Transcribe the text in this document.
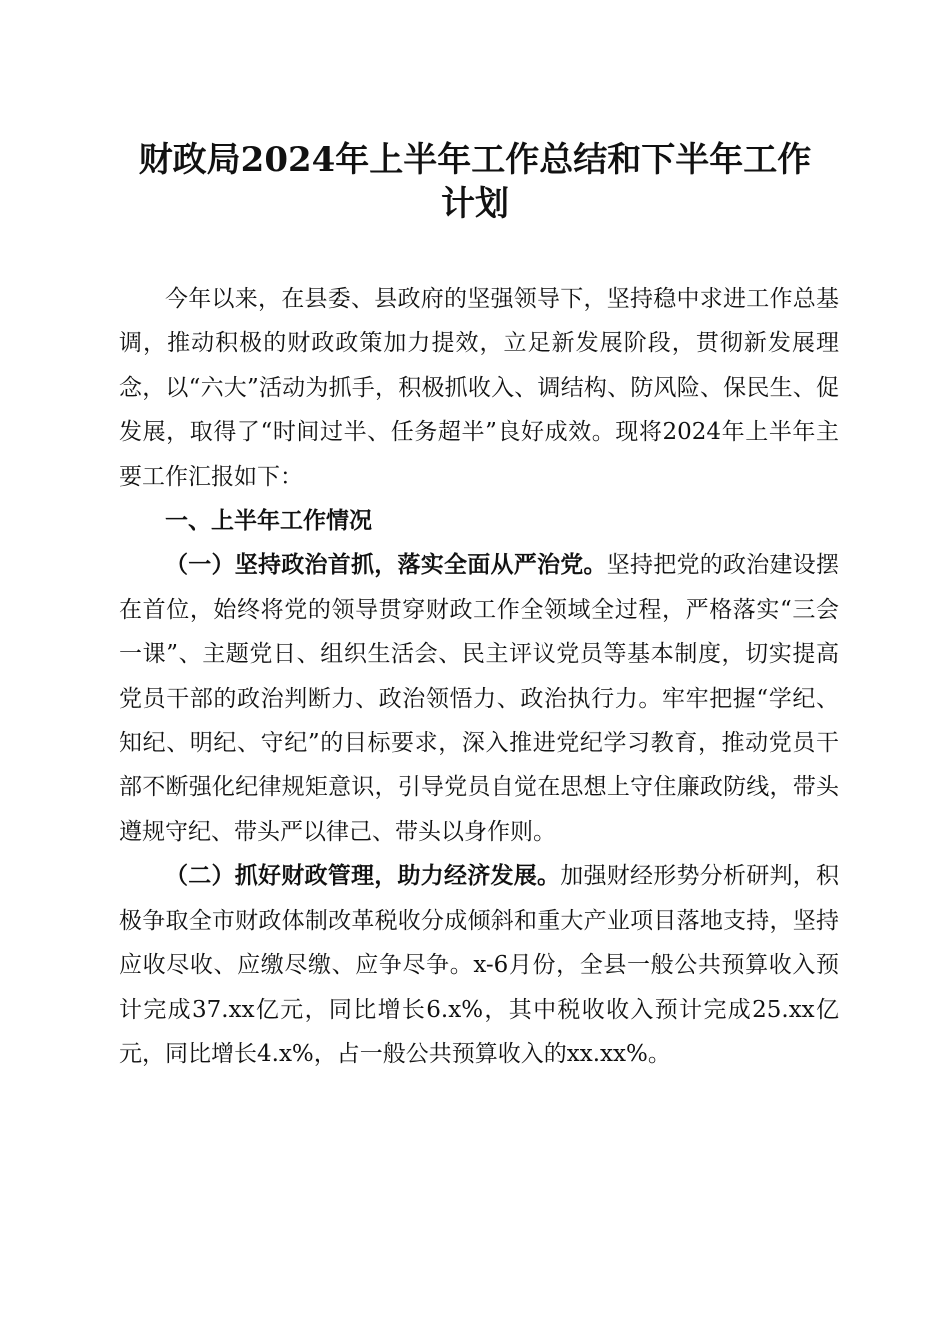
财政局2024年上半年工作总结和下半年工作
计划

今年以来，在县委、县政府的坚强领导下，坚持稳中求进工作总基调，推动积极的财政政策加力提效，立足新发展阶段，贯彻新发展理念，以“六大”活动为抓手，积极抓收入、调结构、防风险、保民生、促发展，取得了“时间过半、任务超半”良好成效。现将2024年上半年主要工作汇报如下：

一、上半年工作情况

（一）坚持政治首抓，落实全面从严治党。坚持把党的政治建设摆在首位，始终将党的领导贯穿财政工作全领域全过程，严格落实“三会一课”、主题党日、组织生活会、民主评议党员等基本制度，切实提高党员干部的政治判断力、政治领悟力、政治执行力。牢牢把握“学纪、知纪、明纪、守纪”的目标要求，深入推进党纪学习教育，推动党员干部不断强化纪律规矩意识，引导党员自觉在思想上守住廉政防线，带头遵规守纪、带头严以律己、带头以身作则。

（二）抓好财政管理，助力经济发展。加强财经形势分析研判，积极争取全市财政体制改革税收分成倾斜和重大产业项目落地支持，坚持应收尽收、应缴尽缴、应争尽争。x-6月份，全县一般公共预算收入预计完成37.xx亿元，同比增长6.x%，其中税收收入预计完成25.xx亿元，同比增长4.x%，占一般公共预算收入的xx.xx%。
